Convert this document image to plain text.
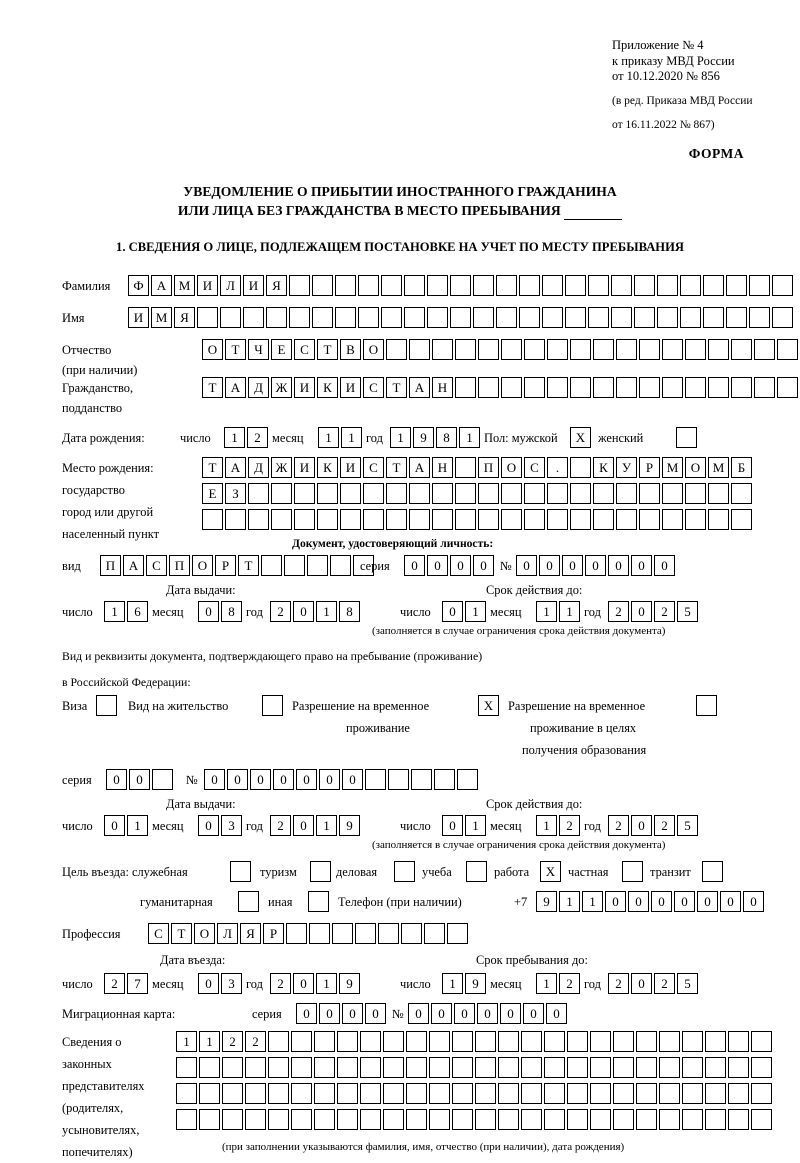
Приложение № 4
к приказу МВД России
от 10.12.2020 № 856
(в ред. Приказа МВД России
от 16.11.2022 № 867)
ФОРМА
УВЕДОМЛЕНИЕ О ПРИБЫТИИ ИНОСТРАННОГО ГРАЖДАНИНА
ИЛИ ЛИЦА БЕЗ ГРАЖДАНСТВА В МЕСТО ПРЕБЫВАНИЯ
1. СВЕДЕНИЯ О ЛИЦЕ, ПОДЛЕЖАЩЕМ ПОСТАНОВКЕ НА УЧЕТ ПО МЕСТУ ПРЕБЫВАНИЯ
Фамилия	Ф	А М И	Л	И	Я
Имя	И М Я
Отчество
(при наличии)
О	Т	Ч	Е	С	Т	В	О
Гражданство,
подданство
Т	А	Д Ж И	К	И	С	Т	А	Н
Дата рождения:	число	1	2 месяц	1	1 год	1	9	8	1 Пол: мужской	Х	женский
Место рождения:
государство
город или другой
населенный пункт
Т	А	Д Ж И	К	И	С	Т	А	Н	П	О	С	.	К	У	Р	М О М	Б
Е	З
Документ, удостоверяющий личность:
вид	П	А	С	П	О	Р	Т	серия	0	0	0	0	№ 0	0	0	0	0	0	0
Дата выдачи:	Срок действия до:
число	1	6 месяц	0	8 год	2	0	1	8	число	0	1 месяц	1	1 год	2	0	2	5
(заполняется в случае ограничения срока действия документа)
Вид и реквизиты документа, подтверждающего право на пребывание (проживание)
в Российской Федерации:
Виза	Вид на жительство	Разрешение на временное
проживание
Х	Разрешение на временное
проживание в целях
получения образования
серия	0	0	№	0	0	0	0	0	0	0
Дата выдачи:	Срок действия до:
число	0	1 месяц	0	3 год	2	0	1	9	число	0	1 месяц	1	2 год	2	0	2	5
(заполняется в случае ограничения срока действия документа)
Цель въезда: служебная	туризм	деловая	учеба	работа	Х	частная	транзит
гуманитарная	иная	Телефон (при наличии)	+7	9	1	1	0	0	0	0	0	0	0
Профессия	С	Т	О	Л	Я	Р
Дата въезда:	Срок пребывания до:
число	2	7 месяц	0	3 год	2	0	1	9	число	1	9 месяц	1	2 год	2	0	2	5
Миграционная карта:	серия	0	0	0	0	№ 0	0	0	0	0	0	0
Сведения о
законных
представителях
(родителях,
усыновителях,
попечителях)
1	1	2	2
(при заполнении указываются фамилия, имя, отчество (при наличии), дата рождения)
